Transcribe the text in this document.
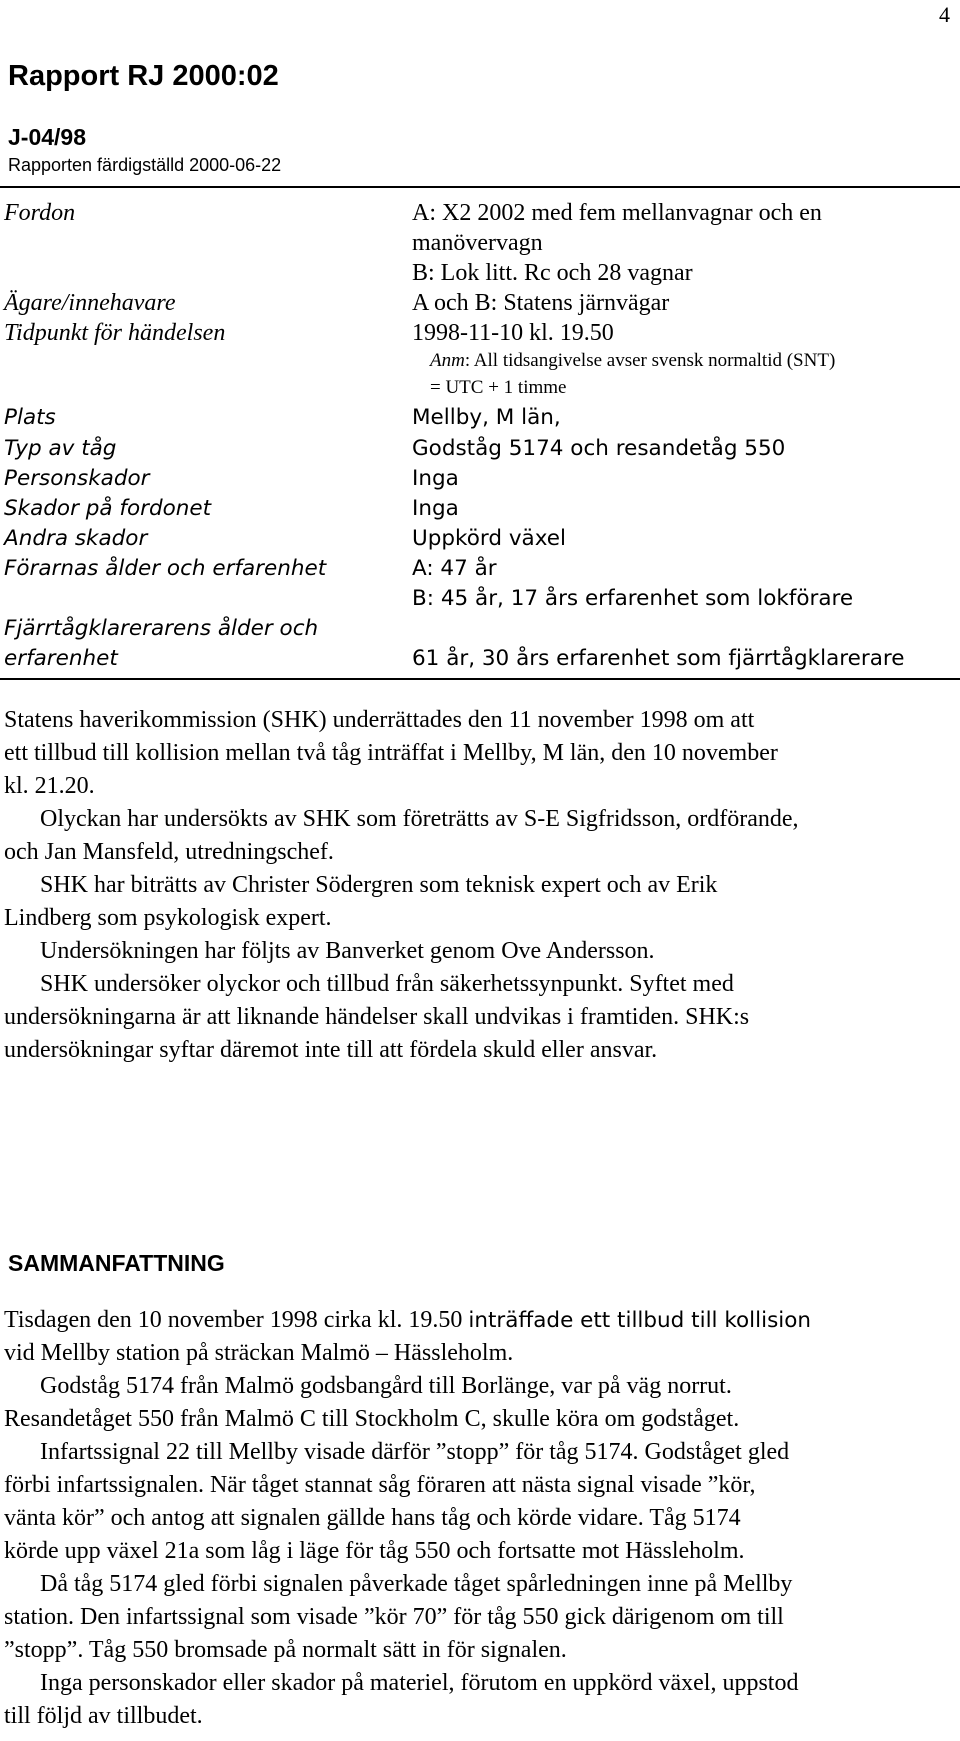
4
Rapport RJ 2000:02
J-04/98
Rapporten färdigställd 2000-06-22
Fordon	A: X2 2002 med fem mellanvagnar och en
manövervagn
B: Lok litt. Rc och 28 vagnar
Ägare/innehavare	A och B: Statens järnvägar
Tidpunkt för händelsen	1998-11-10 kl. 19.50
Anm: All tidsangivelse avser svensk normaltid (SNT)
= UTC + 1 timme
Plats	Mellby, M län,
Typ av tåg	Godståg 5174 och resandetåg 550
Personskador	Inga
Skador på fordonet	Inga
Andra skador	Uppkörd växel
Förarnas ålder och erfarenhet	A: 47 år
B: 45 år, 17 års erfarenhet som lokförare
Fjärrtågklarerarens ålder och
erfarenhet	61 år, 30 års erfarenhet som fjärrtågklarerare
Statens haverikommission (SHK) underrättades den 11 november 1998 om att
ett tillbud till kollision mellan två tåg inträffat i Mellby, M län, den 10 november
kl. 21.20.
Olyckan har undersökts av SHK som företrätts av S-E Sigfridsson, ordförande,
och Jan Mansfeld, utredningschef.
SHK har biträtts av Christer Södergren som teknisk expert och av Erik
Lindberg som psykologisk expert.
Undersökningen har följts av Banverket genom Ove Andersson.
SHK undersöker olyckor och tillbud från säkerhetssynpunkt. Syftet med
undersökningarna är att liknande händelser skall undvikas i framtiden. SHK:s
undersökningar syftar däremot inte till att fördela skuld eller ansvar.
SAMMANFATTNING
Tisdagen den 10 november 1998 cirka kl. 19.50 inträffade ett tillbud till kollision
vid Mellby station på sträckan Malmö – Hässleholm.
Godståg 5174 från Malmö godsbangård till Borlänge, var på väg norrut.
Resandetåget 550 från Malmö C till Stockholm C, skulle köra om godståget.
Infartssignal 22 till Mellby visade därför ”stopp” för tåg 5174. Godståget gled
förbi infartssignalen. När tåget stannat såg föraren att nästa signal visade ”kör,
vänta kör” och antog att signalen gällde hans tåg och körde vidare. Tåg 5174
körde upp växel 21a som låg i läge för tåg 550 och fortsatte mot Hässleholm.
Då tåg 5174 gled förbi signalen påverkade tåget spårledningen inne på Mellby
station. Den infartssignal som visade ”kör 70” för tåg 550 gick därigenom om till
”stopp”. Tåg 550 bromsade på normalt sätt in för signalen.
Inga personskador eller skador på materiel, förutom en uppkörd växel, uppstod
till följd av tillbudet.
